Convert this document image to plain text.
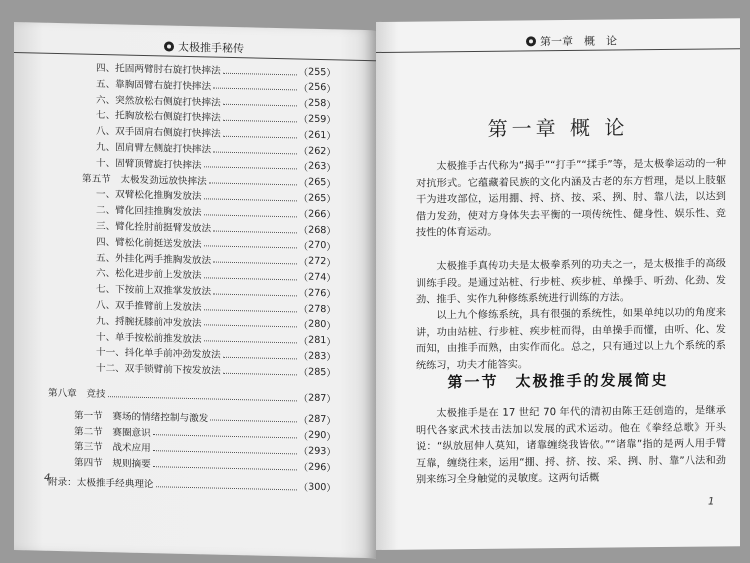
太极推手秘传
四、托固两臂肘右旋打快摔法	（ 255 ）
五、靠胸固臂右旋打快摔法	（ 256 ）
六、突然放松右侧旋打快摔法	（ 258 ）
七、托胸放松右侧旋打快摔法	（ 259 ）
八、双手固肩右侧旋打快摔法	（ 261 ）
九、固肩臂左侧旋打快摔法	（ 262 ）
十、固臂顶臂旋打快摔法	（ 263 ）
第五节　太极发劲远放快摔法	（ 265 ）
一、双臂松化推胸发放法	（ 265 ）
二、臂化回挂推胸发放法	（ 266 ）
三、臂化拴肘前挺臂发放法	（ 268 ）
四、臂松化前挺送发放法	（ 270 ）
五、外挂化两手推胸发放法	（ 272 ）
六、松化进步前上发放法	（ 274 ）
七、下按前上双推掌发放法	（ 276 ）
八、双手推臂前上发放法	（ 278 ）
九、捋腕抚膝前冲发放法	（ 280 ）
十、单手按松前推发放法	（ 281 ）
十一、抖化单手前冲劲发放法	（ 283 ）
十二、双手锁臂前下按发放法	（ 285 ）
第八章　竞技	（ 287 ）
第一节　赛场的情绪控制与激发	（ 287 ）
第二节　赛圈意识	（ 290 ）
第三节　战术应用	（ 293 ）
第四节　规则摘要	（ 296 ）
附录：太极推手经典理论	（ 300 ）
4
第一章　概　论
第一章 概 论

太极推手古代称为“揭手”“打手”“揉手”等，是太极拳运动的一种对抗形式。它蕴藏着民族的文化内涵及古老的东方哲理，是以上肢躯干为进攻部位，运用掤、捋、挤、按、采、挒、肘、靠八法，以达到借力发劲，使对方身体失去平衡的一项传统性、健身性、娱乐性、竞技性的体育运动。

太极推手真传功夫是太极拳系列的功夫之一，是太极推手的高级训练手段。是通过站桩、行步桩、疾步桩、单操手、听劲、化劲、发劲、推手、实作九种修练系统进行训练的方法。

以上九个修练系统，具有很强的系统性，如果单纯以功的角度来讲，功由站桩、行步桩、疾步桩而得，由单操手而懂，由听、化、发而知，由推手而熟，由实作而化。总之，只有通过以上九个系统的系统练习，功夫才能答实。

第一节　太极推手的发展简史

太极推手是在 17 世纪 70 年代的清初由陈王廷创造的，是继承明代各家武术技击法加以发展的武术运动。他在《拳经总歌》开头说：“纵放屈伸人莫知，诸靠缠绕我皆依。”“诸靠”指的是两人用手臂互靠，缠绕往来，运用“掤、捋、挤、按、采、挒、肘、靠”八法和劲别来练习全身触觉的灵敏度。这两句话概

1
